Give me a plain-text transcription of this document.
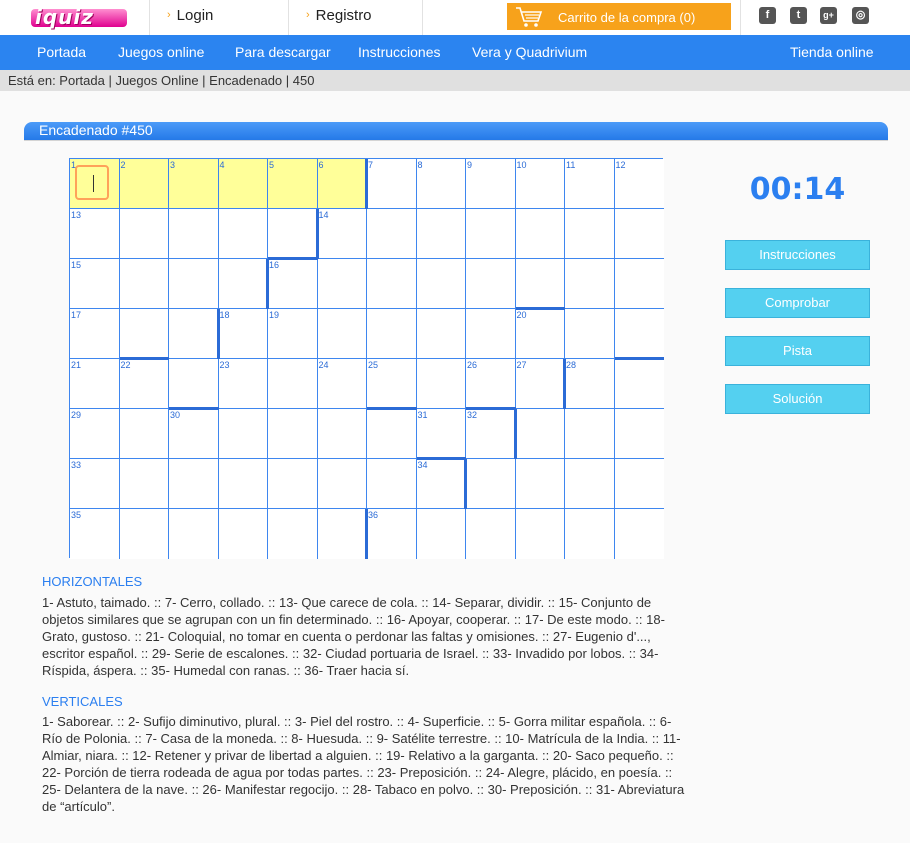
iquiz	› Login	› Registro	Carrito de la compra (0)	f	t	g+	◎
Portada Juegos online Para descargar Instrucciones Vera y Quadrivium	Tienda online
Está en: Portada | Juegos Online | Encadenado | 450
Encadenado #450
1	2	3	4	5	6	7	8	9	10	11	12
13	14
15	16
17	18	19	20
21	22	23	24	25	26	27	28
29	30	31	32
33	34
35	36
00:14
Instrucciones
Comprobar
Pista
Solución
HORIZONTALES
1- Astuto, taimado. :: 7- Cerro, collado. :: 13- Que carece de cola. :: 14- Separar, dividir. :: 15- Conjunto de objetos similares que se agrupan con un fin determinado. :: 16- Apoyar, cooperar. :: 17- De este modo. :: 18- Grato, gustoso. :: 21- Coloquial, no tomar en cuenta o perdonar las faltas y omisiones. :: 27- Eugenio d'..., escritor español. :: 29- Serie de escalones. :: 32- Ciudad portuaria de Israel. :: 33- Invadido por lobos. :: 34- Ríspida, áspera. :: 35- Humedal con ranas. :: 36- Traer hacia sí.
VERTICALES
1- Saborear. :: 2- Sufijo diminutivo, plural. :: 3- Piel del rostro. :: 4- Superficie. :: 5- Gorra militar española. :: 6- Río de Polonia. :: 7- Casa de la moneda. :: 8- Huesuda. :: 9- Satélite terrestre. :: 10- Matrícula de la India. :: 11- Almiar, niara. :: 12- Retener y privar de libertad a alguien. :: 19- Relativo a la garganta. :: 20- Saco pequeño. :: 22- Porción de tierra rodeada de agua por todas partes. :: 23- Preposición. :: 24- Alegre, plácido, en poesía. :: 25- Delantera de la nave. :: 26- Manifestar regocijo. :: 28- Tabaco en polvo. :: 30- Preposición. :: 31- Abreviatura de “artículo”.
